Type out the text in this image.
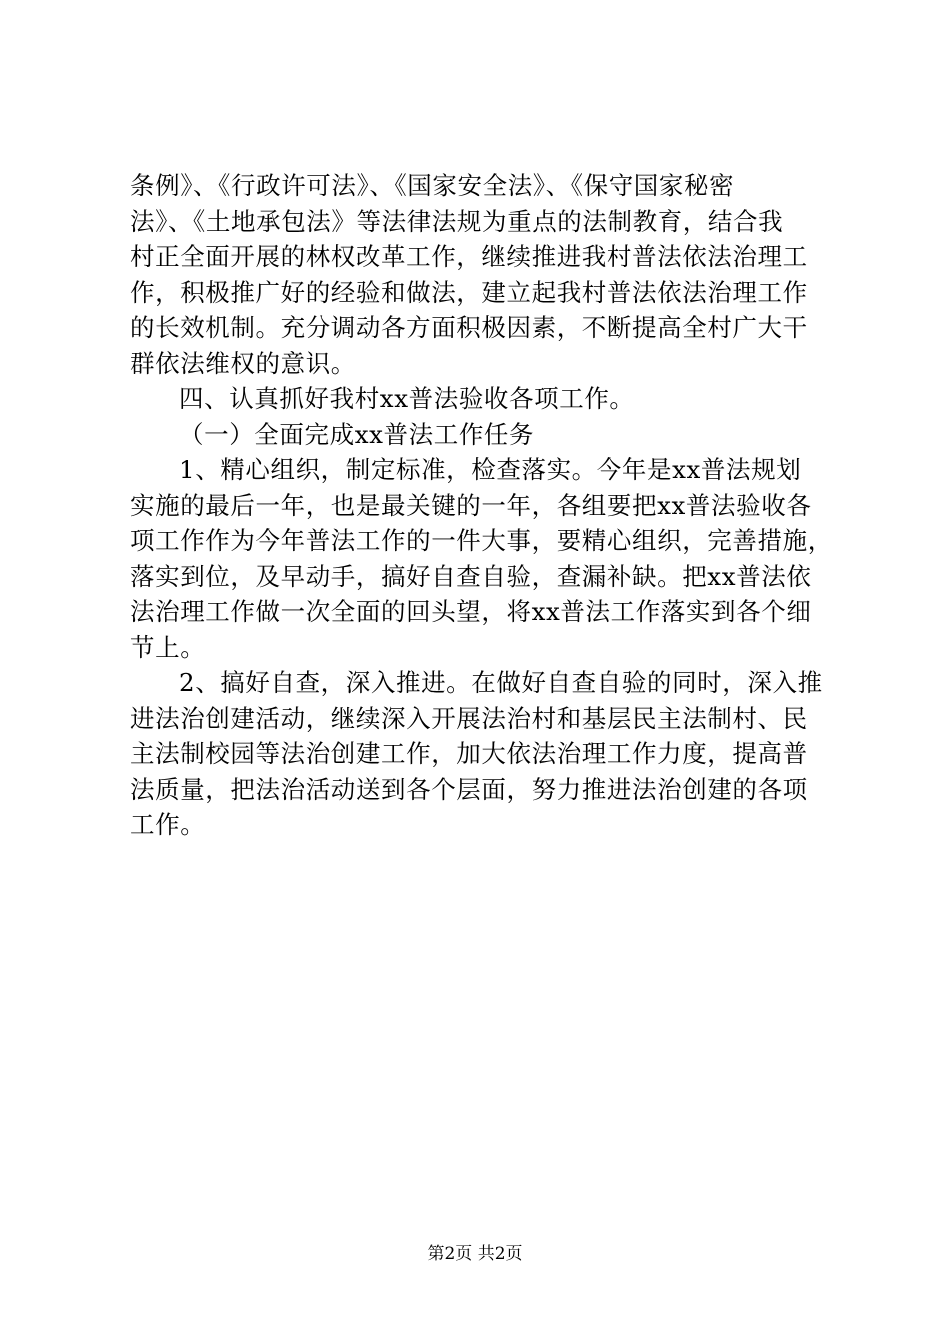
条例》、《行政许可法》、《国家安全法》、《保守国家秘密
法》、《土地承包法》等法律法规为重点的法制教育，结合我
村正全面开展的林权改革工作，继续推进我村普法依法治理工
作，积极推广好的经验和做法，建立起我村普法依法治理工作
的长效机制。充分调动各方面积极因素，不断提高全村广大干
群依法维权的意识。
四、认真抓好我村xx普法验收各项工作。
（一）全面完成xx普法工作任务
1、精心组织，制定标准，检查落实。今年是xx普法规划
实施的最后一年，也是最关键的一年，各组要把xx普法验收各
项工作作为今年普法工作的一件大事，要精心组织，完善措施，
落实到位，及早动手，搞好自查自验，查漏补缺。把xx普法依
法治理工作做一次全面的回头望，将xx普法工作落实到各个细
节上。
2、搞好自查，深入推进。在做好自查自验的同时，深入推
进法治创建活动，继续深入开展法治村和基层民主法制村、民
主法制校园等法治创建工作，加大依法治理工作力度，提高普
法质量，把法治活动送到各个层面，努力推进法治创建的各项
工作。
第2页 共2页
